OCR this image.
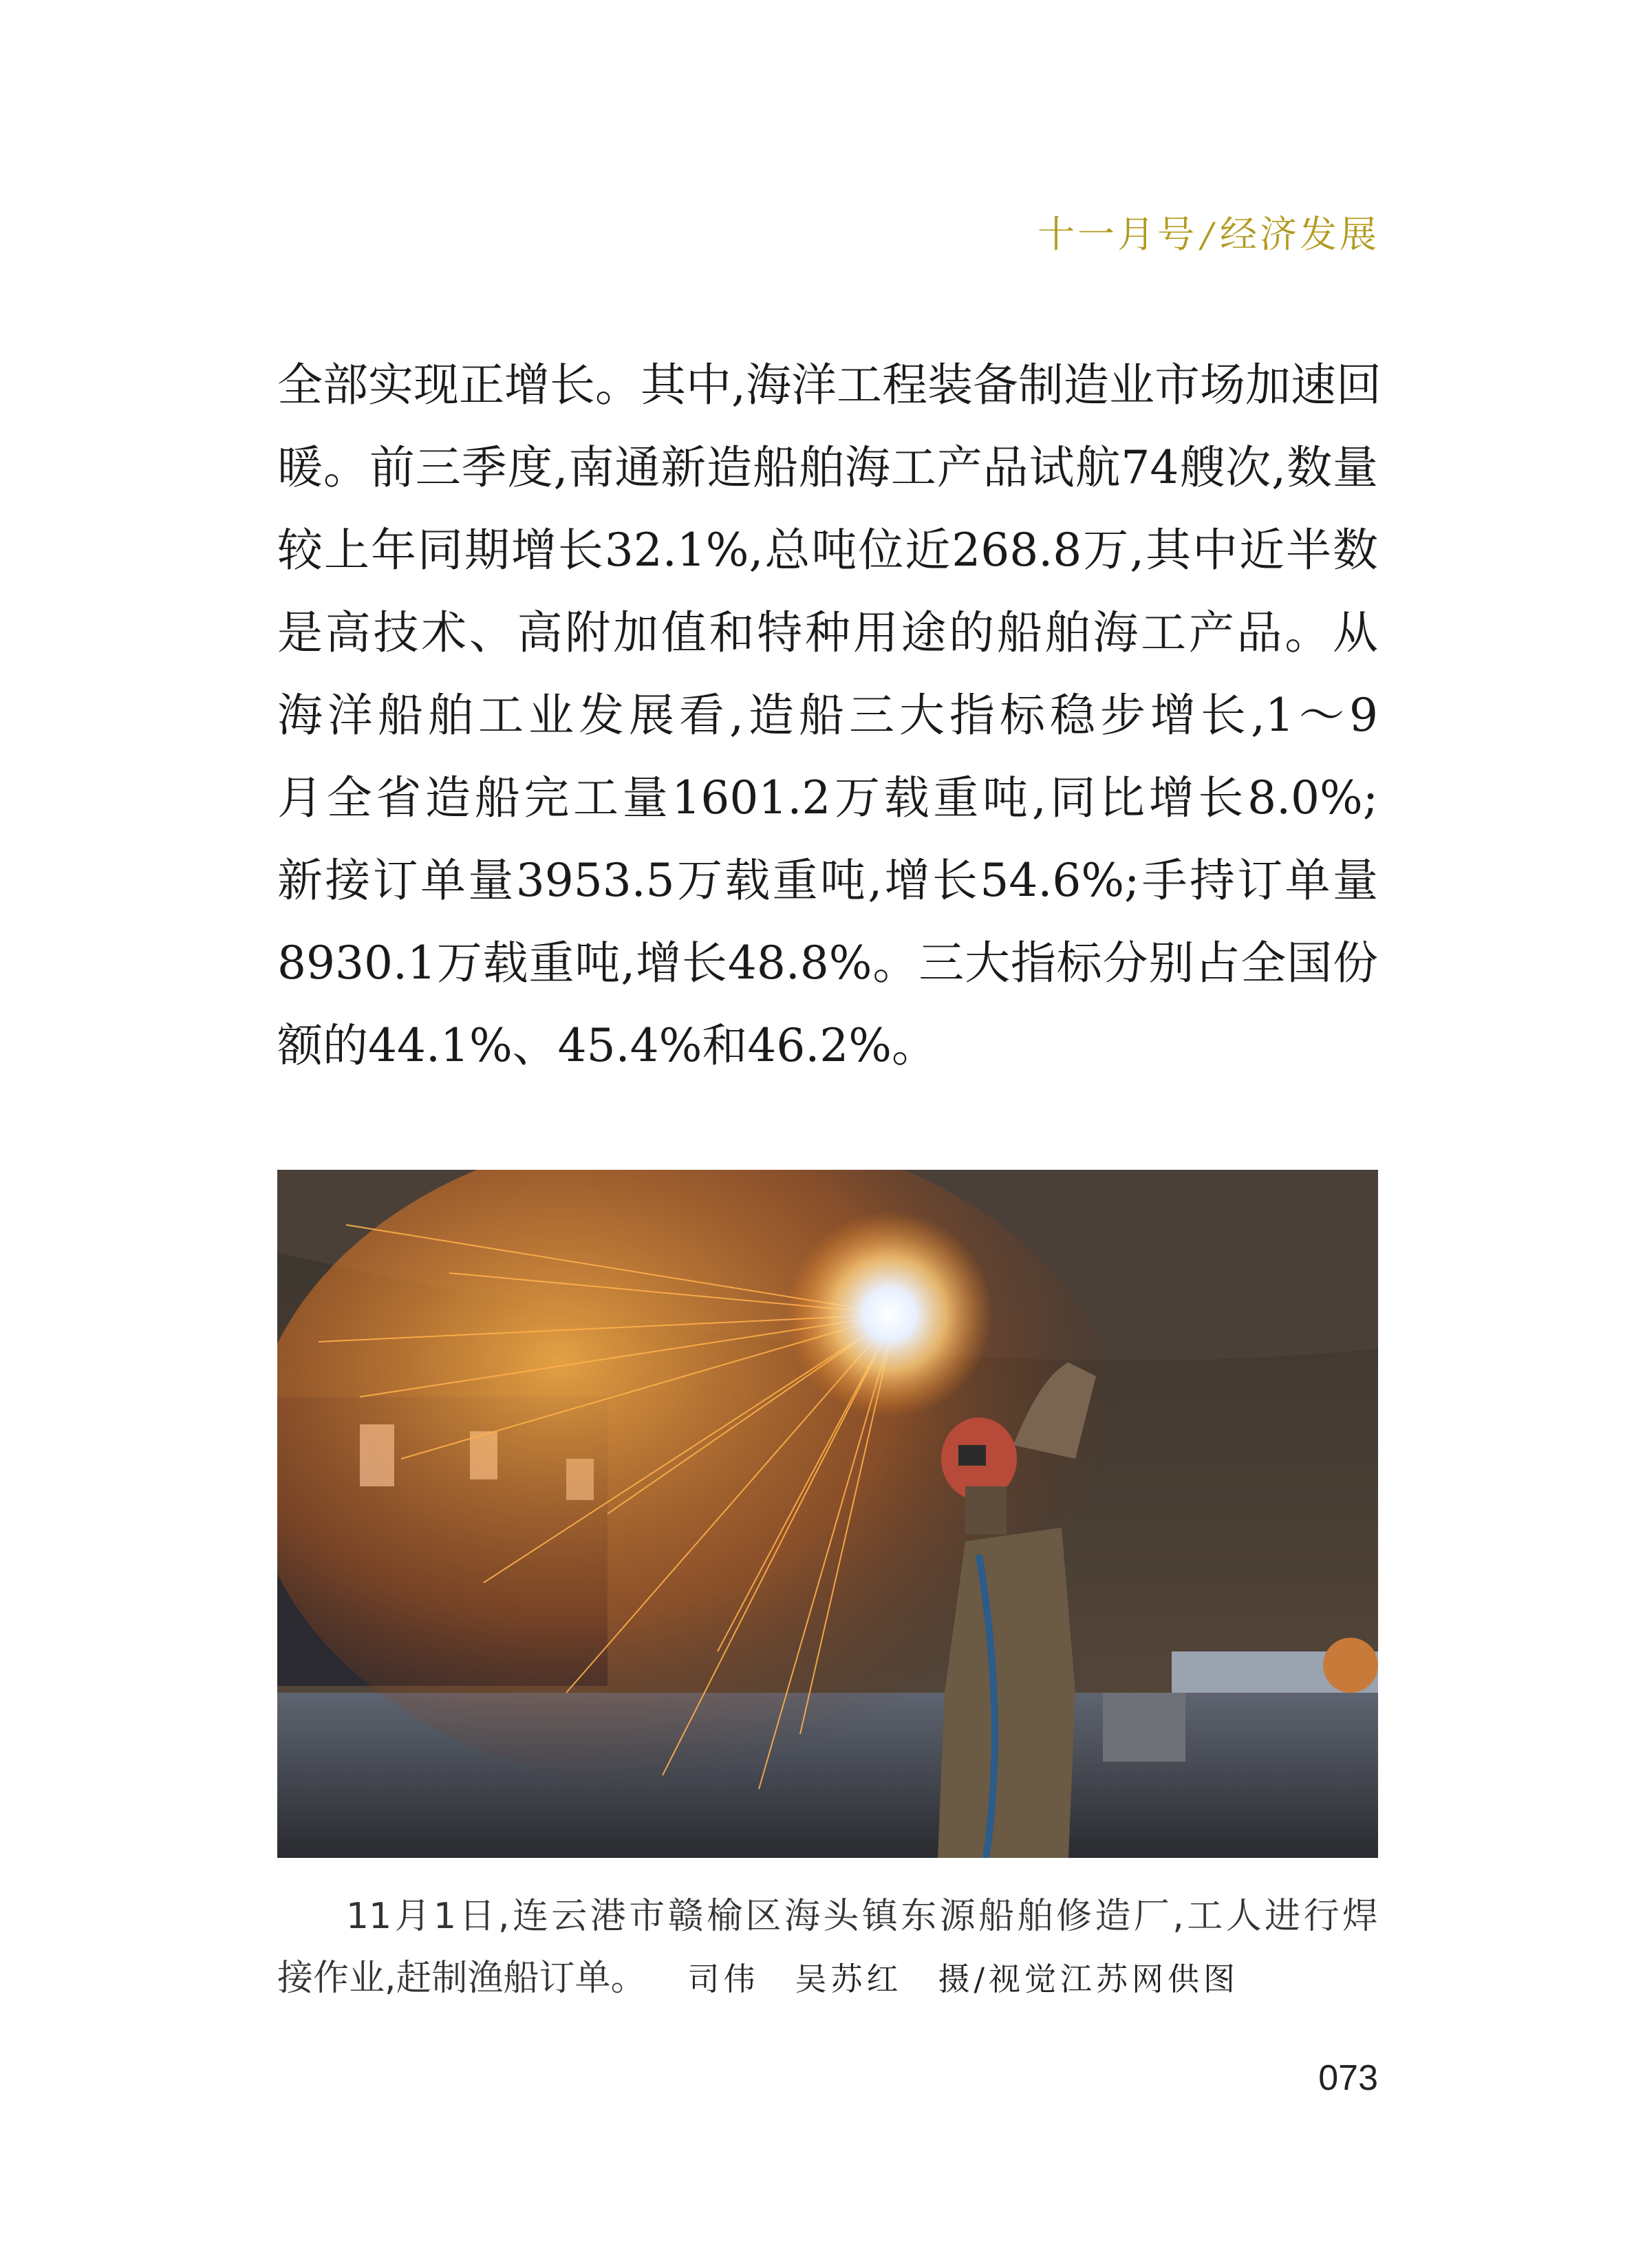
十一月号 / 经济发展
全部实现正增长。其中,海洋工程装备制造业市场加速回
暖。前三季度,南通新造船舶海工产品试航74艘次,数量
较上年同期增长32.1%,总吨位近268.8万,其中近半数
是高技术、高附加值和特种用途的船舶海工产品。从
海洋船舶工业发展看,造船三大指标稳步增长,1～9
月全省造船完工量1601.2万载重吨,同比增长8.0%;
新接订单量3953.5万载重吨,增长54.6%;手持订单量
8930.1万载重吨,增长48.8%。三大指标分别占全国份
额的44.1%、45.4%和46.2%。
11月1日,连云港市赣榆区海头镇东源船舶修造厂,工人进行焊
接作业,赶制渔船订单。 司伟　吴苏红　摄/视觉江苏网供图
073
